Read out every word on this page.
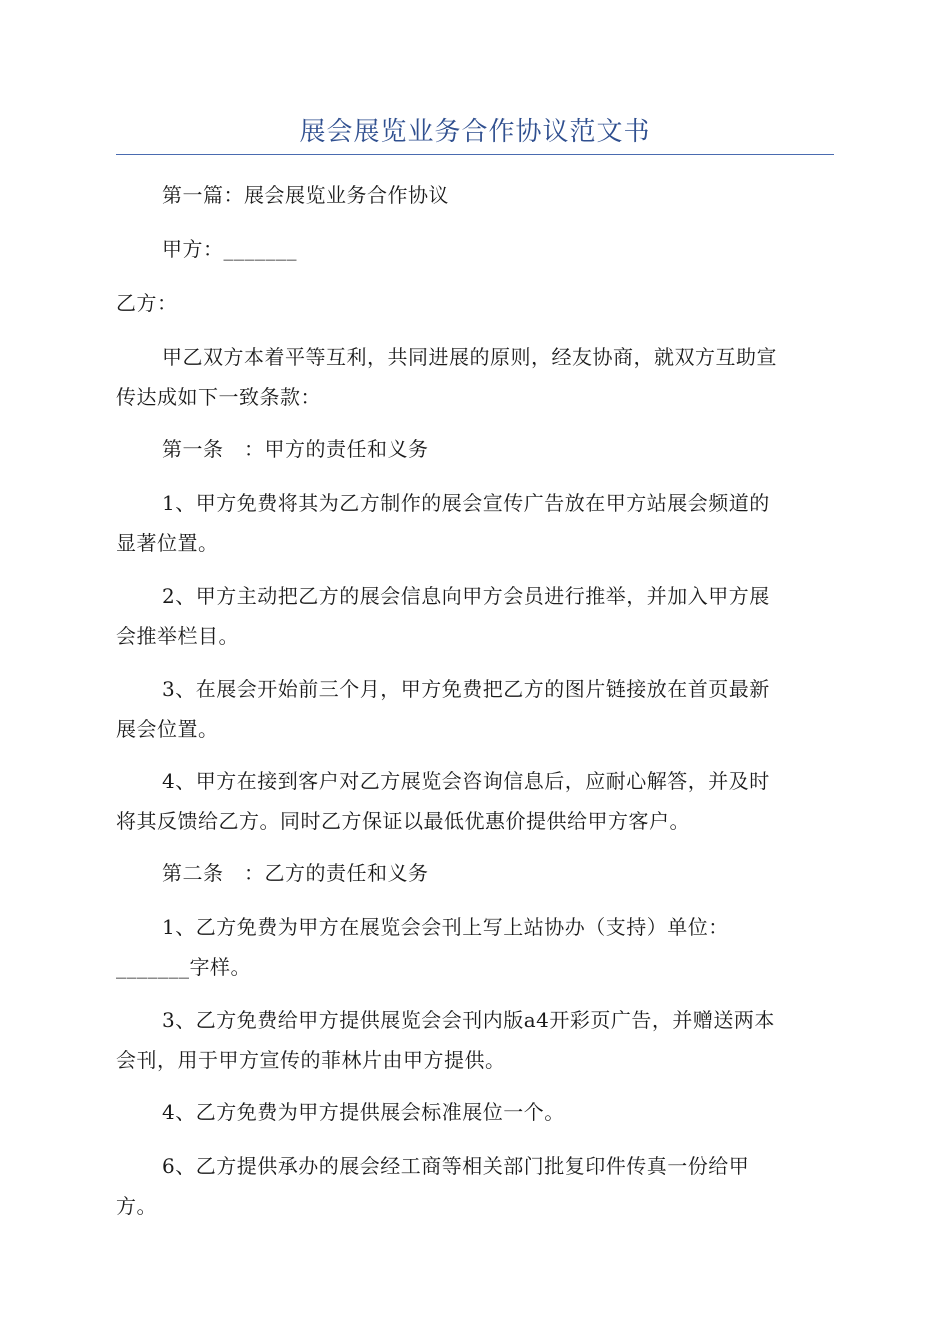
展会展览业务合作协议范文书
第一篇：展会展览业务合作协议
甲方：_______
乙方：
甲乙双方本着平等互利，共同进展的原则，经友协商，就双方互助宣
传达成如下一致条款：
第一条　：甲方的责任和义务
1、甲方免费将其为乙方制作的展会宣传广告放在甲方站展会频道的
显著位置。
2、甲方主动把乙方的展会信息向甲方会员进行推举，并加入甲方展
会推举栏目。
3、在展会开始前三个月，甲方免费把乙方的图片链接放在首页最新
展会位置。
4、甲方在接到客户对乙方展览会咨询信息后，应耐心解答，并及时
将其反馈给乙方。同时乙方保证以最低优惠价提供给甲方客户。
第二条　：乙方的责任和义务
1、乙方免费为甲方在展览会会刊上写上站协办（支持）单位：
_______字样。
3、乙方免费给甲方提供展览会会刊内版a4开彩页广告，并赠送两本
会刊，用于甲方宣传的菲林片由甲方提供。
4、乙方免费为甲方提供展会标准展位一个。
6、乙方提供承办的展会经工商等相关部门批复印件传真一份给甲
方。
